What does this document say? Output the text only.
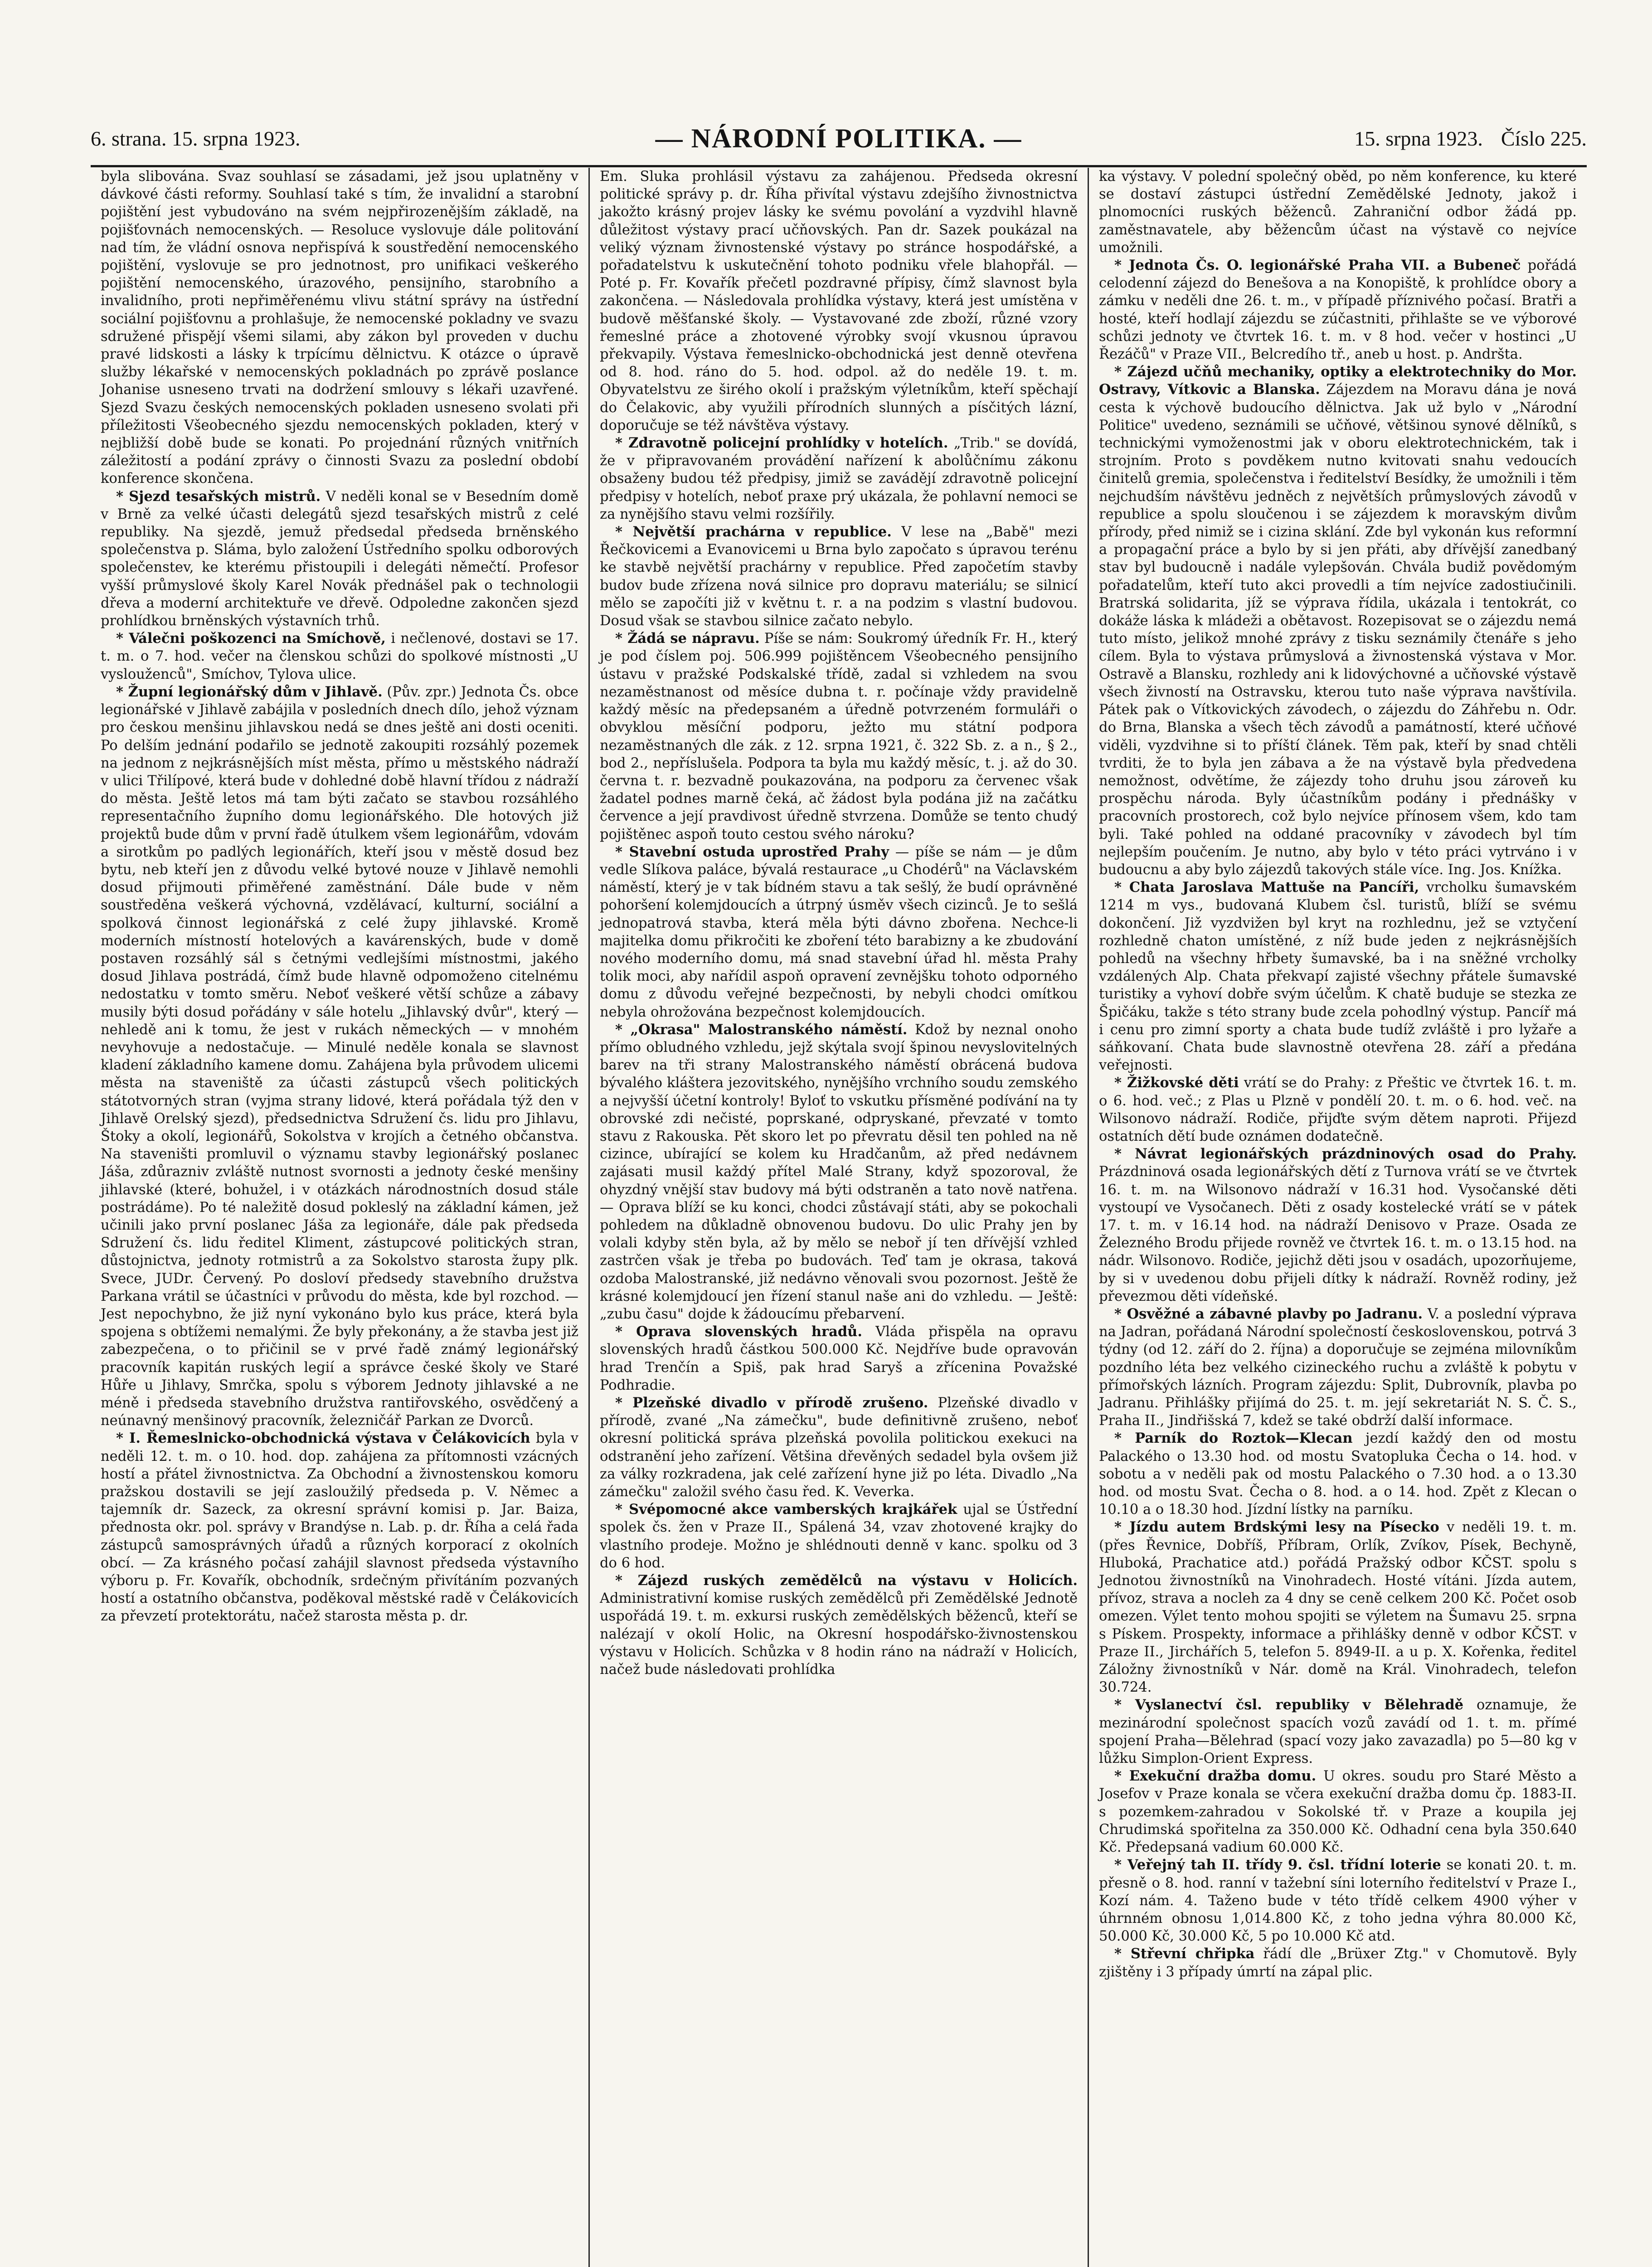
6. strana. 15. srpna 1923.	— NÁRODNÍ POLITIKA. —	15. srpna 1923. Číslo 225.

byla slibována. Svaz souhlasí se zásadami, jež jsou uplatněny v dávkové části reformy. Souhlasí také s tím, že invalidní a starobní pojištění jest vybudováno na svém nejpřirozenějším základě, na pojišťovnách nemocenských. — Resoluce vyslovuje dále politování nad tím, že vládní osnova nepřispívá k soustředění nemocenského pojištění, vyslovuje se pro jednotnost, pro unifikaci veškerého pojištění nemocenského, úrazového, pensijního, starobního a invalidního, proti nepřiměřenému vlivu státní správy na ústřední sociální pojišťovnu a prohlašuje, že nemocenské pokladny ve svazu sdružené přispějí všemi silami, aby zákon byl proveden v duchu pravé lidskosti a lásky k trpícímu dělnictvu. K otázce o úpravě služby lékařské v nemocenských pokladnách po zprávě poslance Johanise usneseno trvati na dodržení smlouvy s lékaři uzavřené. Sjezd Svazu českých nemocenských pokladen usneseno svolati při příležitosti Všeobecného sjezdu nemocenských pokladen, který v nejbližší době bude se konati. Po projednání různých vnitřních záležitostí a podání zprávy o činnosti Svazu za poslední období konference skončena.

* Sjezd tesařských mistrů. V neděli konal se v Besedním domě v Brně za velké účasti delegátů sjezd tesařských mistrů z celé republiky. Na sjezdě, jemuž předsedal předseda brněnského společenstva p. Sláma, bylo založení Ústředního spolku odborových společenstev, ke kterému přistoupili i delegáti němečtí. Profesor vyšší průmyslové školy Karel Novák přednášel pak o technologii dřeva a moderní architektuře ve dřevě. Odpoledne zakončen sjezd prohlídkou brněnských výstavních trhů.

* Válečni poškozenci na Smíchově, i nečlenové, dostavi se 17. t. m. o 7. hod. večer na členskou schůzi do spolkové místnosti „U vyslouženců", Smíchov, Tylova ulice.

* Župní legionářský dům v Jihlavě. (Pův. zpr.) Jednota Čs. obce legionářské v Jihlavě zabájila v posledních dnech dílo, jehož význam pro českou menšinu jihlavskou nedá se dnes ještě ani dosti oceniti. Po delším jednání podařilo se jednotě zakoupiti rozsáhlý pozemek na jednom z nejkrásnějších míst města, přímo u městského nádraží v ulici Třilípové, která bude v dohledné době hlavní třídou z nádraží do města. Ještě letos má tam býti začato se stavbou rozsáhlého representačního župního domu legionářského. Dle hotových již projektů bude dům v první řadě útulkem všem legionářům, vdovám a sirotkům po padlých legionářích, kteří jsou v městě dosud bez bytu, neb kteří jen z důvodu velké bytové nouze v Jihlavě nemohli dosud přijmouti přiměřené zaměstnání. Dále bude v něm soustředěna veškerá výchovná, vzdělávací, kulturní, sociální a spolková činnost legionářská z celé župy jihlavské. Kromě moderních místností hotelových a kavárenských, bude v domě postaven rozsáhlý sál s četnými vedlejšími místnostmi, jakého dosud Jihlava postrádá, čímž bude hlavně odpomoženo citelnému nedostatku v tomto směru. Neboť veškeré větší schůze a zábavy musily býti dosud pořádány v sále hotelu „Jihlavský dvůr", který — nehledě ani k tomu, že jest v rukách německých — v mnohém nevyhovuje a nedostačuje. — Minulé neděle konala se slavnost kladení základního kamene domu. Zahájena byla průvodem ulicemi města na staveniště za účasti zástupců všech politických státotvorných stran (vyjma strany lidové, která pořádala týž den v Jihlavě Orelský sjezd), předsednictva Sdružení čs. lidu pro Jihlavu, Štoky a okolí, legionářů, Sokolstva v krojích a četného občanstva. Na staveništi promluvil o významu stavby legionářský poslanec Jáša, zdůrazniv zvláště nutnost svornosti a jednoty české menšiny jihlavské (které, bohužel, i v otázkách národnostních dosud stále postrádáme). Po té naležitě dosud pokleslý na základní kámen, jež učinili jako první poslanec Jáša za legionáře, dále pak předseda Sdružení čs. lidu ředitel Kliment, zástupcové politických stran, důstojnictva, jednoty rotmistrů a za Sokolstvo starosta župy plk. Svece, JUDr. Červený. Po dosloví předsedy stavebního družstva Parkana vrátil se účastníci v průvodu do města, kde byl rozchod. — Jest nepochybno, že již nyní vykonáno bylo kus práce, která byla spojena s obtížemi nemalými. Že byly překonány, a že stavba jest již zabezpečena, o to přičinil se v prvé řadě známý legionářský pracovník kapitán ruských legií a správce české školy ve Staré Hůře u Jihlavy, Smrčka, spolu s výborem Jednoty jihlavské a ne méně i předseda stavebního družstva rantiřovského, osvědčený a neúnavný menšinový pracovník, železničář Parkan ze Dvorců.

* I. Řemeslnicko-obchodnická výstava v Čelákovicích byla v neděli 12. t. m. o 10. hod. dop. zahájena za přítomnosti vzácných hostí a přátel živnostnictva. Za Obchodní a živnostenskou komoru pražskou dostavili se její zasloužilý předseda p. V. Němec a tajemník dr. Sazeck, za okresní správní komisi p. Jar. Baiza, přednosta okr. pol. správy v Brandýse n. Lab. p. dr. Říha a celá řada zástupců samosprávných úřadů a různých korporací z okolních obcí. — Za krásného počasí zahájil slavnost předseda výstavního výboru p. Fr. Kovařík, obchodník, srdečným přivítáním pozvaných hostí a ostatního občanstva, poděkoval městské radě v Čelákovicích za převzetí protektorátu, načež starosta města p. dr.

Em. Sluka prohlásil výstavu za zahájenou. Předseda okresní politické správy p. dr. Říha přivítal výstavu zdejšího živnostnictva jakožto krásný projev lásky ke svému povolání a vyzdvihl hlavně důležitost výstavy prací učňovských. Pan dr. Sazek poukázal na veliký význam živnostenské výstavy po stránce hospodářské, a pořadatelstvu k uskutečnění tohoto podniku vřele blahopřál. — Poté p. Fr. Kovařík přečetl pozdravné přípisy, čímž slavnost byla zakončena. — Následovala prohlídka výstavy, která jest umístěna v budově měšťanské školy. — Vystavované zde zboží, různé vzory řemeslné práce a zhotovené výrobky svojí vkusnou úpravou překvapily. Výstava řemeslnicko-obchodnická jest denně otevřena od 8. hod. ráno do 5. hod. odpol. až do neděle 19. t. m. Obyvatelstvu ze širého okolí i pražským výletníkům, kteří spěchají do Čelakovic, aby využili přírodních slunných a písčitých lázní, doporučuje se též návštěva výstavy.

* Zdravotně policejní prohlídky v hotelích. „Trib." se dovídá, že v připravovaném provádění nařízení k abolůčnímu zákonu obsaženy budou též předpisy, jimiž se zavádějí zdravotně policejní předpisy v hotelích, neboť praxe prý ukázala, že pohlavní nemoci se za nynějšího stavu velmi rozšířily.

* Největší prachárna v republice. V lese na „Babě" mezi Řečkovicemi a Evanovicemi u Brna bylo započato s úpravou terénu ke stavbě největší prachárny v republice. Před započetím stavby budov bude zřízena nová silnice pro dopravu materiálu; se silnicí mělo se započíti již v květnu t. r. a na podzim s vlastní budovou. Dosud však se stavbou silnice začato nebylo.

* Žádá se nápravu. Píše se nám: Soukromý úředník Fr. H., který je pod číslem poj. 506.999 pojištěncem Všeobecného pensijního ústavu v pražské Podskalské třídě, zadal si vzhledem na svou nezaměstnanost od měsíce dubna t. r. počínaje vždy pravidelně každý měsíc na předepsaném a úředně potvrzeném formuláři o obvyklou měsíční podporu, ježto mu státní podpora nezaměstnaných dle zák. z 12. srpna 1921, č. 322 Sb. z. a n., § 2., bod 2., nepříslušela. Podpora ta byla mu každý měsíc, t. j. až do 30. června t. r. bezvadně poukazována, na podporu za červenec však žadatel podnes marně čeká, ač žádost byla podána již na začátku července a její pravdivost úředně stvrzena. Domůže se tento chudý pojištěnec aspoň touto cestou svého nároku?

* Stavební ostuda uprostřed Prahy — píše se nám — je dům vedle Slíkova paláce, bývalá restaurace „u Chodérů" na Václavském náměstí, který je v tak bídném stavu a tak sešlý, že budí oprávněné pohoršení kolemjdoucích a útrpný úsměv všech cizinců. Je to sešlá jednopatrová stavba, která měla býti dávno zbořena. Nechce-li majitelka domu přikročiti ke zboření této barabizny a ke zbudování nového moderního domu, má snad stavební úřad hl. města Prahy tolik moci, aby nařídil aspoň opravení zevnějšku tohoto odporného domu z důvodu veřejné bezpečnosti, by nebyli chodci omítkou nebyla ohrožována bezpečnost kolemjdoucích.

* „Okrasa" Malostranského náměstí. Kdož by neznal onoho přímo obludného vzhledu, jejž skýtala svojí špinou nevyslovitelných barev na tři strany Malostranského náměstí obrácená budova bývalého kláštera jezovitského, nynějšího vrchního soudu zemského a nejvyšší účetní kontroly! Byloť to vskutku přísměné podívání na ty obrovské zdi nečisté, poprskané, odpryskané, převzaté v tomto stavu z Rakouska. Pět skoro let po převratu děsil ten pohled na ně cizince, ubírající se kolem ku Hradčanům, až před nedávnem zajásati musil každý přítel Malé Strany, když spozoroval, že ohyzdný vnější stav budovy má býti odstraněn a tato nově natřena. — Oprava blíží se ku konci, chodci zůstávají státi, aby se pokochali pohledem na důkladně obnovenou budovu. Do ulic Prahy jen by volali kdyby stěn byla, až by mělo se neboř jí ten dřívější vzhled zastrčen však je třeba po budovách. Teď tam je okrasa, taková ozdoba Malostranské, již nedávno věnovali svou pozornost. Ještě že krásné kolemjdoucí jen řízení stanul naše ani do vzhledu. — Ještě: „zubu času" dojde k žádoucímu přebarvení.

* Oprava slovenských hradů. Vláda přispěla na opravu slovenských hradů částkou 500.000 Kč. Nejdříve bude opravován hrad Trenčín a Spiš, pak hrad Saryš a zřícenina Považské Podhradie.

* Plzeňské divadlo v přírodě zrušeno. Plzeňské divadlo v přírodě, zvané „Na zámečku", bude definitivně zrušeno, neboť okresní politická správa plzeňská povolila politickou exekuci na odstranění jeho zařízení. Většina dřevěných sedadel byla ovšem již za války rozkradena, jak celé zařízení hyne již po léta. Divadlo „Na zámečku" založil svého času řed. K. Veverka.

* Svépomocné akce vamberských krajkářek ujal se Ústřední spolek čs. žen v Praze II., Spálená 34, vzav zhotovené krajky do vlastního prodeje. Možno je shlédnouti denně v kanc. spolku od 3 do 6 hod.

* Zájezd ruských zemědělců na výstavu v Holicích. Administrativní komise ruských zemědělců při Zemědělské Jednotě uspořádá 19. t. m. exkursi ruských zemědělských běženců, kteří se nalézají v okolí Holic, na Okresní hospodářsko-živnostenskou výstavu v Holicích. Schůzka v 8 hodin ráno na nádraží v Holicích, načež bude následovati prohlídka

ka výstavy. V polední společný oběd, po něm konference, ku které se dostaví zástupci ústřední Zemědělské Jednoty, jakož i plnomocníci ruských běženců. Zahraniční odbor žádá pp. zaměstnavatele, aby běžencům účast na výstavě co nejvíce umožnili.

* Jednota Čs. O. legionářské Praha VII. a Bubeneč pořádá celodenní zájezd do Benešova a na Konopiště, k prohlídce obory a zámku v neděli dne 26. t. m., v případě příznivého počasí. Bratři a hosté, kteří hodlají zájezdu se zúčastniti, přihlašte se ve výborové schůzi jednoty ve čtvrtek 16. t. m. v 8 hod. večer v hostinci „U Řezáčů" v Praze VII., Belcredího tř., aneb u host. p. Andršta.

* Zájezd učňů mechaniky, optiky a elektrotechniky do Mor. Ostravy, Vítkovic a Blanska. Zájezdem na Moravu dána je nová cesta k výchově budoucího dělnictva. Jak už bylo v „Národní Politice" uvedeno, seznámili se učňové, většinou synové dělníků, s technickými vymoženostmi jak v oboru elektrotechnickém, tak i strojním. Proto s povděkem nutno kvitovati snahu vedoucích činitelů gremia, společenstva i ředitelství Besídky, že umožnili i těm nejchudším návštěvu jedněch z největších průmyslových závodů v republice a spolu sloučenou i se zájezdem k moravským divům přírody, před nimiž se i cizina sklání. Zde byl vykonán kus reformní a propagační práce a bylo by si jen přáti, aby dřívější zanedbaný stav byl budoucně i nadále vylepšován. Chvála budiž povědomým pořadatelům, kteří tuto akci provedli a tím nejvíce zadostiučinili. Bratrská solidarita, jíž se výprava řídila, ukázala i tentokrát, co dokáže láska k mládeži a obětavost. Rozepisovat se o zájezdu nemá tuto místo, jelikož mnohé zprávy z tisku seznámily čtenáře s jeho cílem. Byla to výstava průmyslová a živnostenská výstava v Mor. Ostravě a Blansku, rozhledy ani k lidovýchovné a učňovské výstavě všech živností na Ostravsku, kterou tuto naše výprava navštívila. Pátek pak o Vítkovických závodech, o zájezdu do Záhřebu n. Odr. do Brna, Blanska a všech těch závodů a památností, které učňové viděli, vyzdvihne si to příští článek. Těm pak, kteří by snad chtěli tvrditi, že to byla jen zábava a že na výstavě byla předvedena nemožnost, odvětíme, že zájezdy toho druhu jsou zároveň ku prospěchu národa. Byly účastníkům podány i přednášky v pracovních prostorech, což bylo nejvíce přínosem všem, kdo tam byli. Také pohled na oddané pracovníky v závodech byl tím nejlepším poučením. Je nutno, aby bylo v této práci vytrváno i v budoucnu a aby bylo zájezdů takových stále více. Ing. Jos. Knížka.

* Chata Jaroslava Mattuše na Pancíři, vrcholku šumavském 1214 m vys., budovaná Klubem čsl. turistů, blíží se svému dokončení. Již vyzdvižen byl kryt na rozhlednu, jež se vztyčení rozhledně chaton umístěné, z níž bude jeden z nejkrásnějších pohledů na všechny hřbety šumavské, ba i na sněžné vrcholky vzdálených Alp. Chata překvapí zajisté všechny přátele šumavské turistiky a vyhoví dobře svým účelům. K chatě buduje se stezka ze Špičáku, takže s této strany bude zcela pohodlný výstup. Pancíř má i cenu pro zimní sporty a chata bude tudíž zvláště i pro lyžaře a sáňkovaní. Chata bude slavnostně otevřena 28. září a předána veřejnosti.

* Žižkovské děti vrátí se do Prahy: z Přeštic ve čtvrtek 16. t. m. o 6. hod. več.; z Plas u Plzně v pondělí 20. t. m. o 6. hod. več. na Wilsonovo nádraží. Rodiče, přijďte svým dětem naproti. Přijezd ostatních dětí bude oznámen dodatečně.

* Návrat legionářských prázdninových osad do Prahy. Prázdninová osada legionářských dětí z Turnova vrátí se ve čtvrtek 16. t. m. na Wilsonovo nádraží v 16.31 hod. Vysočanské děti vystoupí ve Vysočanech. Děti z osady kostelecké vrátí se v pátek 17. t. m. v 16.14 hod. na nádraží Denisovo v Praze. Osada ze Železného Brodu přijede rovněž ve čtvrtek 16. t. m. o 13.15 hod. na nádr. Wilsonovo. Rodiče, jejichž děti jsou v osadách, upozorňujeme, by si v uvedenou dobu přijeli dítky k nádraží. Rovněž rodiny, jež převezmou děti vídeňské.

* Osvěžné a zábavné plavby po Jadranu. V. a poslední výprava na Jadran, pořádaná Národní společností československou, potrvá 3 týdny (od 12. září do 2. října) a doporučuje se zejména milovníkům pozdního léta bez velkého cizineckého ruchu a zvláště k pobytu v přímořských lázních. Program zájezdu: Split, Dubrovník, plavba po Jadranu. Přihlášky přijímá do 25. t. m. její sekretariát N. S. Č. S., Praha II., Jindřišská 7, kdež se také obdrží další informace.

* Parník do Roztok—Klecan jezdí každý den od mostu Palackého o 13.30 hod. od mostu Svatopluka Čecha o 14. hod. v sobotu a v neděli pak od mostu Palackého o 7.30 hod. a o 13.30 hod. od mostu Svat. Čecha o 8. hod. a o 14. hod. Zpět z Klecan o 10.10 a o 18.30 hod. Jízdní lístky na parníku.

* Jízdu autem Brdskými lesy na Písecko v neděli 19. t. m. (přes Řevnice, Dobříš, Příbram, Orlík, Zvíkov, Písek, Bechyně, Hluboká, Prachatice atd.) pořádá Pražský odbor KČST. spolu s Jednotou živnostníků na Vinohradech. Hosté vítáni. Jízda autem, přívoz, strava a nocleh za 4 dny se ceně celkem 200 Kč. Počet osob omezen. Výlet tento mohou spojiti se výletem na Šumavu 25. srpna s Pískem. Prospekty, informace a přihlášky denně v odbor KČST. v Praze II., Jirchářích 5, telefon 5. 8949-II. a u p. X. Kořenka, ředitel Záložny živnostníků v Nár. domě na Král. Vinohradech, telefon 30.724.

* Vyslanectví čsl. republiky v Bělehradě oznamuje, že mezinárodní společnost spacích vozů zavádí od 1. t. m. přímé spojení Praha—Bělehrad (spací vozy jako zavazadla) po 5—80 kg v lůžku Simplon-Orient Express.

* Exekuční dražba domu. U okres. soudu pro Staré Město a Josefov v Praze konala se včera exekuční dražba domu čp. 1883-II. s pozemkem-zahradou v Sokolské tř. v Praze a koupila jej Chrudimská spořitelna za 350.000 Kč. Odhadní cena byla 350.640 Kč. Předepsaná vadium 60.000 Kč.

* Veřejný tah II. třídy 9. čsl. třídní loterie se konati 20. t. m. přesně o 8. hod. ranní v tažební síni loterního ředitelství v Praze I., Kozí nám. 4. Taženo bude v této třídě celkem 4900 výher v úhrnném obnosu 1,014.800 Kč, z toho jedna výhra 80.000 Kč, 50.000 Kč, 30.000 Kč, 5 po 10.000 Kč atd.

* Střevní chřipka řádí dle „Brüxer Ztg." v Chomutově. Byly zjištěny i 3 případy úmrtí na zápal plic.
